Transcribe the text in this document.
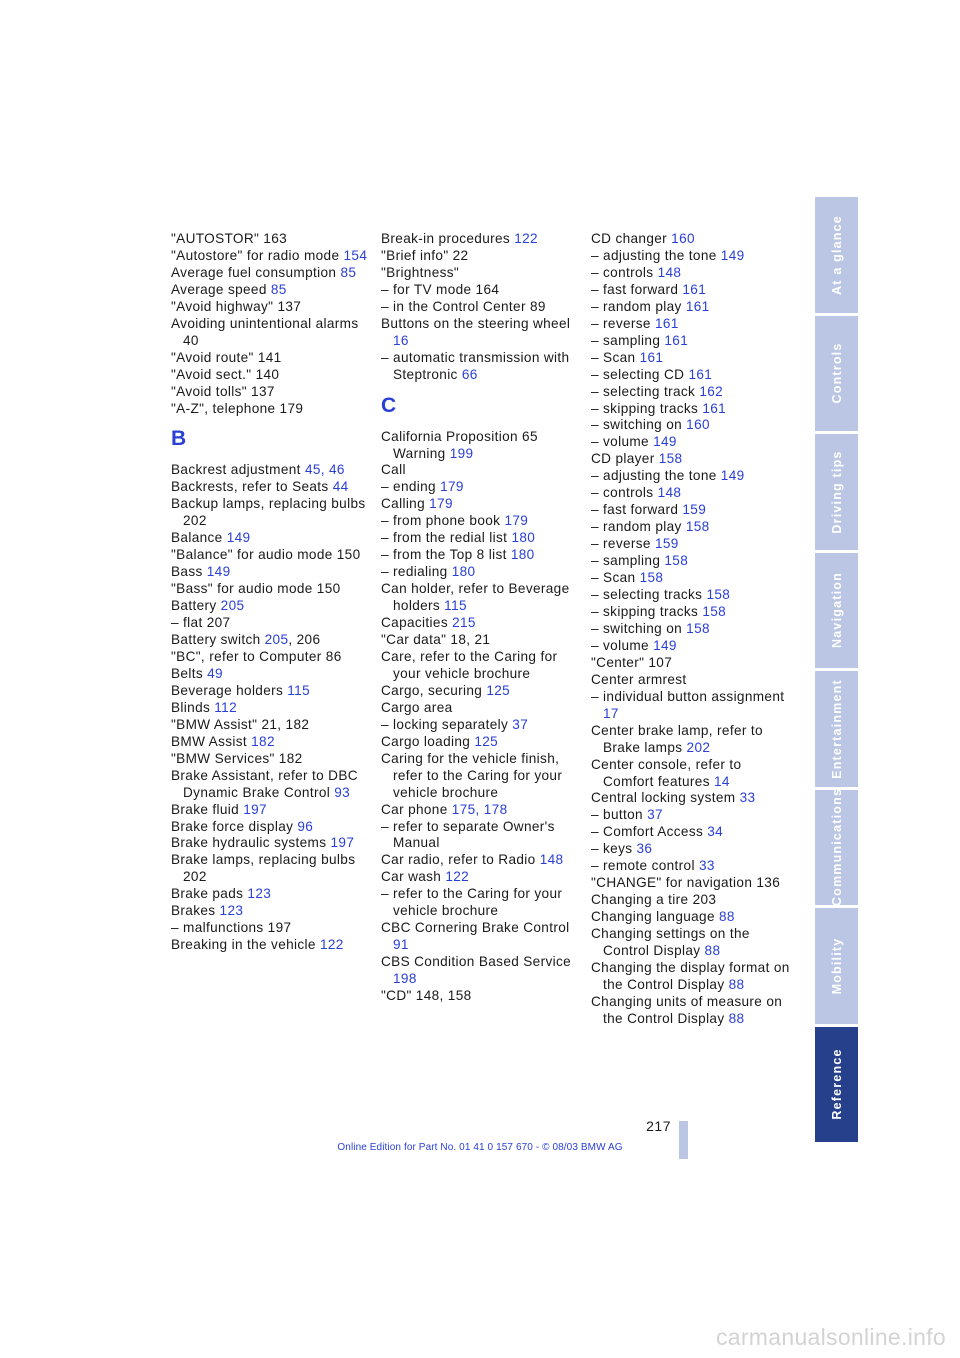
"AUTOSTOR" 163
"Autostore" for radio mode 154
Average fuel consumption 85
Average speed 85
"Avoid highway" 137
Avoiding unintentional alarms 40
"Avoid route" 141
"Avoid sect." 140
"Avoid tolls" 137
"A-Z", telephone 179
B
Backrest adjustment 45, 46
Backrests, refer to Seats 44
Backup lamps, replacing bulbs 202
Balance 149
"Balance" for audio mode 150
Bass 149
"Bass" for audio mode 150
Battery 205
– flat 207
Battery switch 205, 206
"BC", refer to Computer 86
Belts 49
Beverage holders 115
Blinds 112
"BMW Assist" 21, 182
BMW Assist 182
"BMW Services" 182
Brake Assistant, refer to DBC Dynamic Brake Control 93
Brake fluid 197
Brake force display 96
Brake hydraulic systems 197
Brake lamps, replacing bulbs 202
Brake pads 123
Brakes 123
– malfunctions 197
Breaking in the vehicle 122
Break-in procedures 122
"Brief info" 22
"Brightness"
– for TV mode 164
– in the Control Center 89
Buttons on the steering wheel 16
– automatic transmission with Steptronic 66
C
California Proposition 65 Warning 199
Call
– ending 179
Calling 179
– from phone book 179
– from the redial list 180
– from the Top 8 list 180
– redialing 180
Can holder, refer to Beverage holders 115
Capacities 215
"Car data" 18, 21
Care, refer to the Caring for your vehicle brochure
Cargo, securing 125
Cargo area
– locking separately 37
Cargo loading 125
Caring for the vehicle finish, refer to the Caring for your vehicle brochure
Car phone 175, 178
– refer to separate Owner's Manual
Car radio, refer to Radio 148
Car wash 122
– refer to the Caring for your vehicle brochure
CBC Cornering Brake Control 91
CBS Condition Based Service 198
"CD" 148, 158
CD changer 160
– adjusting the tone 149
– controls 148
– fast forward 161
– random play 161
– reverse 161
– sampling 161
– Scan 161
– selecting CD 161
– selecting track 162
– skipping tracks 161
– switching on 160
– volume 149
CD player 158
– adjusting the tone 149
– controls 148
– fast forward 159
– random play 158
– reverse 159
– sampling 158
– Scan 158
– selecting tracks 158
– skipping tracks 158
– switching on 158
– volume 149
"Center" 107
Center armrest
– individual button assignment 17
Center brake lamp, refer to Brake lamps 202
Center console, refer to Comfort features 14
Central locking system 33
– button 37
– Comfort Access 34
– keys 36
– remote control 33
"CHANGE" for navigation 136
Changing a tire 203
Changing language 88
Changing settings on the Control Display 88
Changing the display format on the Control Display 88
Changing units of measure on the Control Display 88
At a glance
Controls
Driving tips
Navigation
Entertainment
Communications
Mobility
Reference
217
Online Edition for Part No. 01 41 0 157 670 - © 08/03 BMW AG
carmanualsonline.info
